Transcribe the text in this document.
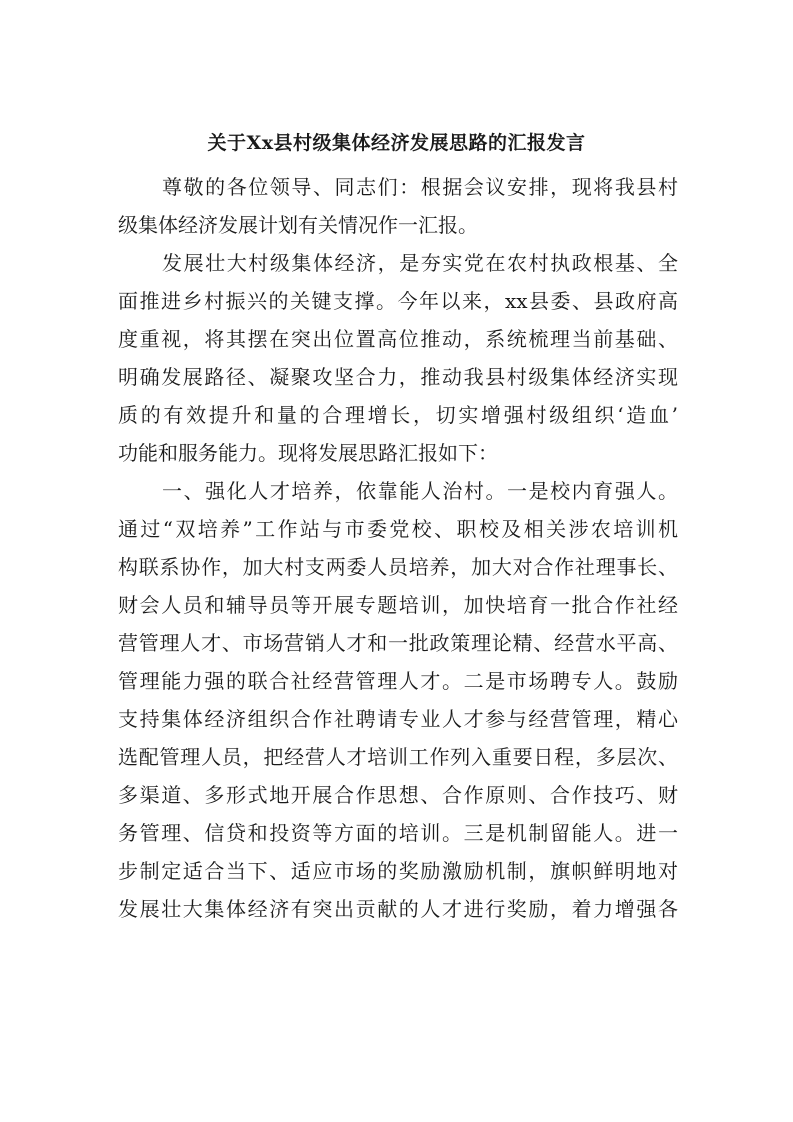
关于Xx县村级集体经济发展思路的汇报发言
尊敬的各位领导、同志们：根据会议安排，现将我县村
级集体经济发展计划有关情况作一汇报。
发展壮大村级集体经济，是夯实党在农村执政根基、全
面推进乡村振兴的关键支撑。今年以来，xx县委、县政府高
度重视，将其摆在突出位置高位推动，系统梳理当前基础、
明确发展路径、凝聚攻坚合力，推动我县村级集体经济实现
质的有效提升和量的合理增长，切实增强村级组织‘造血’
功能和服务能力。现将发展思路汇报如下：
一、强化人才培养，依靠能人治村。一是校内育强人。
通过“双培养”工作站与市委党校、职校及相关涉农培训机
构联系协作，加大村支两委人员培养，加大对合作社理事长、
财会人员和辅导员等开展专题培训，加快培育一批合作社经
营管理人才、市场营销人才和一批政策理论精、经营水平高、
管理能力强的联合社经营管理人才。二是市场聘专人。鼓励
支持集体经济组织合作社聘请专业人才参与经营管理，精心
选配管理人员，把经营人才培训工作列入重要日程，多层次、
多渠道、多形式地开展合作思想、合作原则、合作技巧、财
务管理、信贷和投资等方面的培训。三是机制留能人。进一
步制定适合当下、适应市场的奖励激励机制，旗帜鲜明地对
发展壮大集体经济有突出贡献的人才进行奖励，着力增强各
